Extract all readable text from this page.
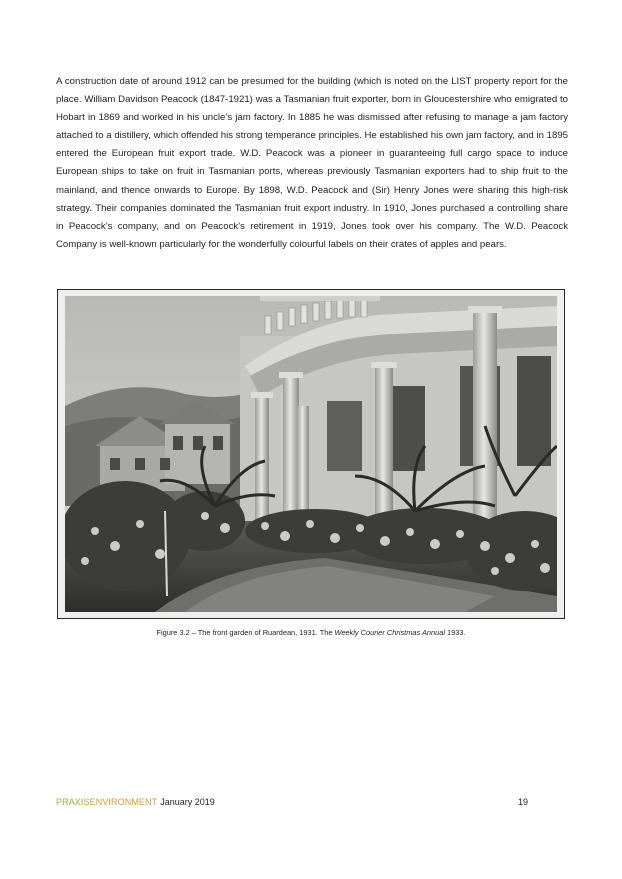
A construction date of around 1912 can be presumed for the building (which is noted on the LIST property report for the place. William Davidson Peacock (1847-1921) was a Tasmanian fruit exporter, born in Gloucestershire who emigrated to Hobart in 1869 and worked in his uncle’s jam factory. In 1885 he was dismissed after refusing to manage a jam factory attached to a distillery, which offended his strong temperance principles. He established his own jam factory, and in 1895 entered the European fruit export trade. W.D. Peacock was a pioneer in guaranteeing full cargo space to induce European ships to take on fruit in Tasmanian ports, whereas previously Tasmanian exporters had to ship fruit to the mainland, and thence onwards to Europe. By 1898, W.D. Peacock and (Sir) Henry Jones were sharing this high-risk strategy. Their companies dominated the Tasmanian fruit export industry. In 1910, Jones purchased a controlling share in Peacock’s company, and on Peacock’s retirement in 1919, Jones took over his company. The W.D. Peacock Company is well-known particularly for the wonderfully colourful labels on their crates of apples and pears.

Figure 3.2 – The front garden of Ruardean, 1931. The Weekly Courier Christmas Annual 1933.

PRAXISENVIRONMENT January 2019	19
